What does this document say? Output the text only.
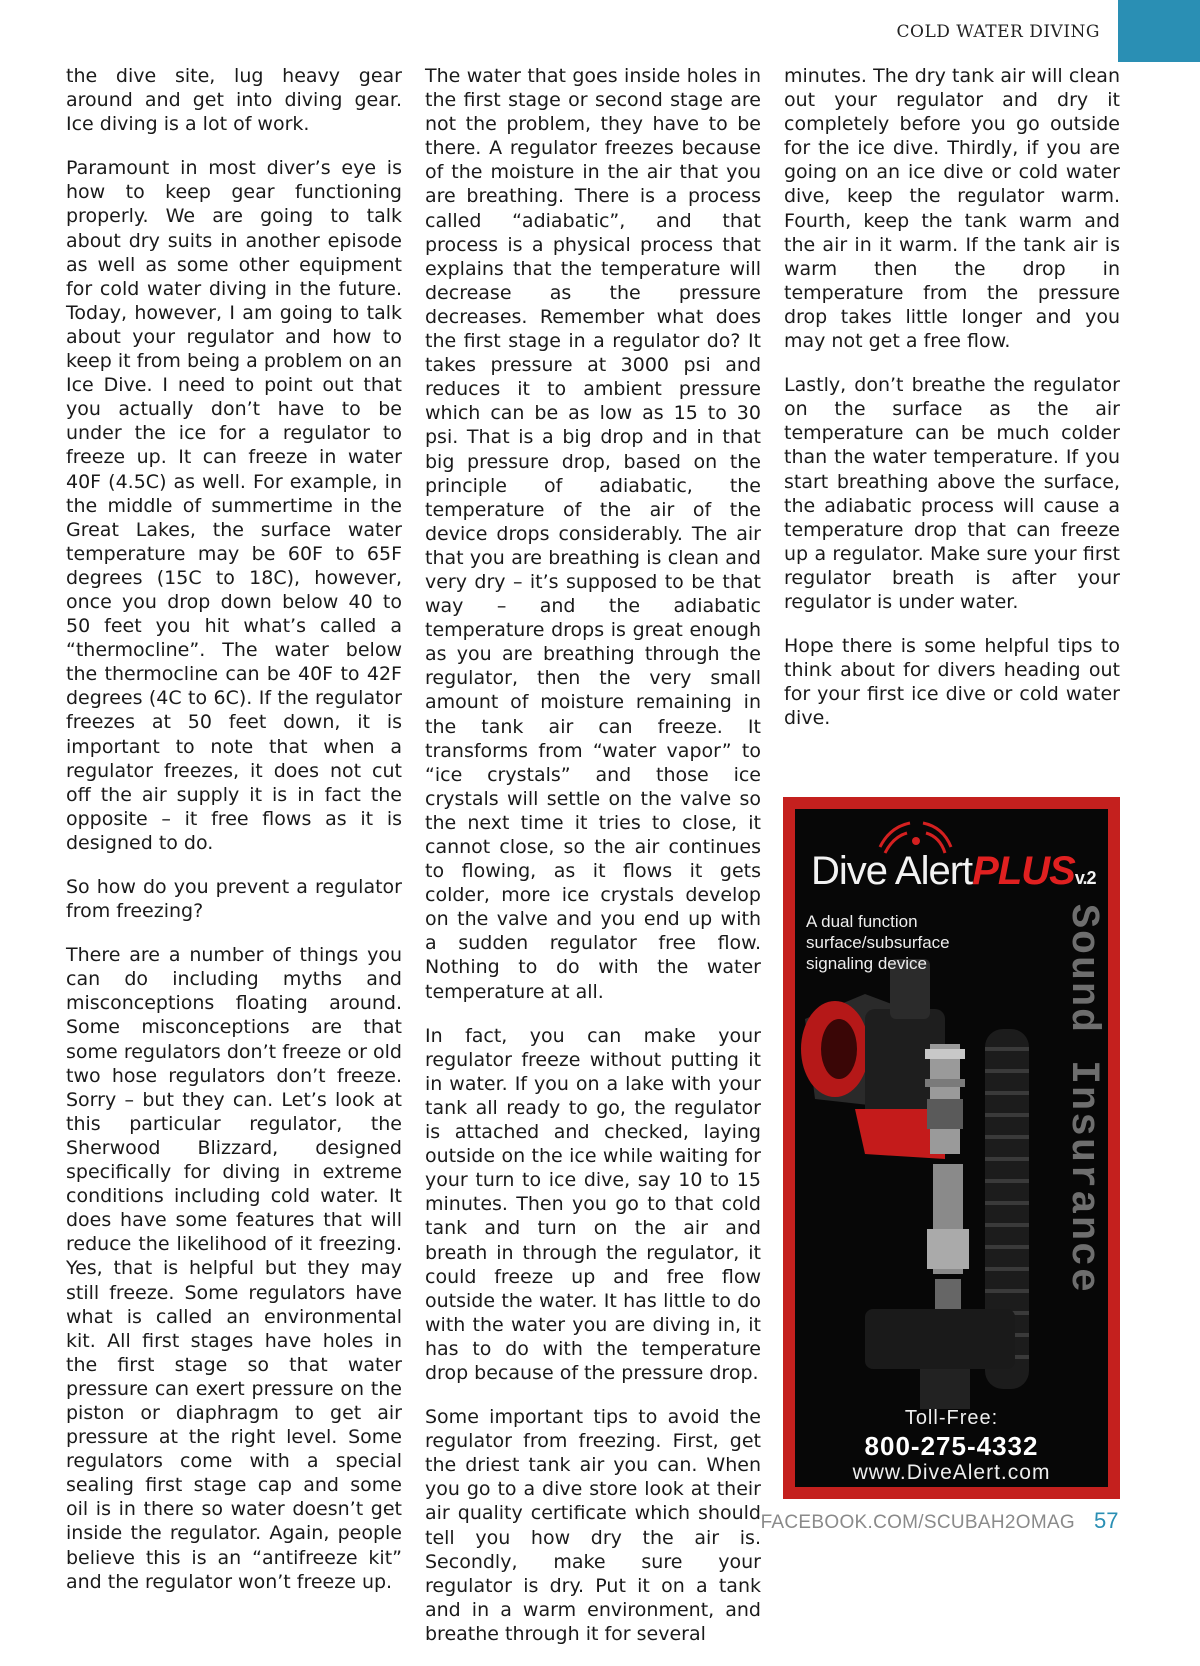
COLD WATER DIVING

the dive site, lug heavy gear around and get into diving gear. Ice diving is a lot of work.

Paramount in most diver’s eye is how to keep gear functioning properly. We are going to talk about dry suits in another episode as well as some other equipment for cold water diving in the future. Today, however, I am going to talk about your regulator and how to keep it from being a problem on an Ice Dive. I need to point out that you actually don’t have to be under the ice for a regulator to freeze up. It can freeze in water 40F (4.5C) as well. For example, in the middle of summertime in the Great Lakes, the surface water temperature may be 60F to 65F degrees (15C to 18C), however, once you drop down below 40 to 50 feet you hit what’s called a “thermocline”. The water below the thermocline can be 40F to 42F degrees (4C to 6C). If the regulator freezes at 50 feet down, it is important to note that when a regulator freezes, it does not cut off the air supply it is in fact the opposite – it free flows as it is designed to do.

So how do you prevent a regulator from freezing?

There are a number of things you can do including myths and misconceptions floating around. Some misconceptions are that some regulators don’t freeze or old two hose regulators don’t freeze. Sorry – but they can. Let’s look at this particular regulator, the Sherwood Blizzard, designed specifically for diving in extreme conditions including cold water. It does have some features that will reduce the likelihood of it freezing. Yes, that is helpful but they may still freeze. Some regulators have what is called an environmental kit. All first stages have holes in the first stage so that water pressure can exert pressure on the piston or diaphragm to get air pressure at the right level. Some regulators come with a special sealing first stage cap and some oil is in there so water doesn’t get inside the regulator. Again, people believe this is an “antifreeze kit” and the regulator won’t freeze up.

The water that goes inside holes in the first stage or second stage are not the problem, they have to be there. A regulator freezes because of the moisture in the air that you are breathing. There is a process called “adiabatic”, and that process is a physical process that explains that the temperature will decrease as the pressure decreases. Remember what does the first stage in a regulator do? It takes pressure at 3000 psi and reduces it to ambient pressure which can be as low as 15 to 30 psi. That is a big drop and in that big pressure drop, based on the principle of adiabatic, the temperature of the air of the device drops considerably. The air that you are breathing is clean and very dry – it’s supposed to be that way – and the adiabatic temperature drops is great enough as you are breathing through the regulator, then the very small amount of moisture remaining in the tank air can freeze. It transforms from “water vapor” to “ice crystals” and those ice crystals will settle on the valve so the next time it tries to close, it cannot close, so the air continues to flowing, as it flows it gets colder, more ice crystals develop on the valve and you end up with a sudden regulator free flow. Nothing to do with the water temperature at all.

In fact, you can make your regulator freeze without putting it in water. If you on a lake with your tank all ready to go, the regulator is attached and checked, laying outside on the ice while waiting for your turn to ice dive, say 10 to 15 minutes. Then you go to that cold tank and turn on the air and breath in through the regulator, it could freeze up and free flow outside the water. It has little to do with the water you are diving in, it has to do with the temperature drop because of the pressure drop.

Some important tips to avoid the regulator from freezing. First, get the driest tank air you can. When you go to a dive store look at their air quality certificate which should tell you how dry the air is. Secondly, make sure your regulator is dry. Put it on a tank and in a warm environment, and breathe through it for several

minutes. The dry tank air will clean out your regulator and dry it completely before you go outside for the ice dive. Thirdly, if you are going on an ice dive or cold water dive, keep the regulator warm. Fourth, keep the tank warm and the air in it warm. If the tank air is warm then the drop in temperature from the pressure drop takes little longer and you may not get a free flow.

Lastly, don’t breathe the regulator on the surface as the air temperature can be much colder than the water temperature. If you start breathing above the surface, the adiabatic process will cause a temperature drop that can freeze up a regulator. Make sure your first regulator breath is after your regulator is under water.

Hope there is some helpful tips to think about for divers heading out for your first ice dive or cold water dive.

Dive AlertPLUSv.2
A dual function
surface/subsurface
signaling device	Sound Insurance
Toll-Free:
800-275-4332
www.DiveAlert.com
FACEBOOK.COM/SCUBAH2OMAG 57
